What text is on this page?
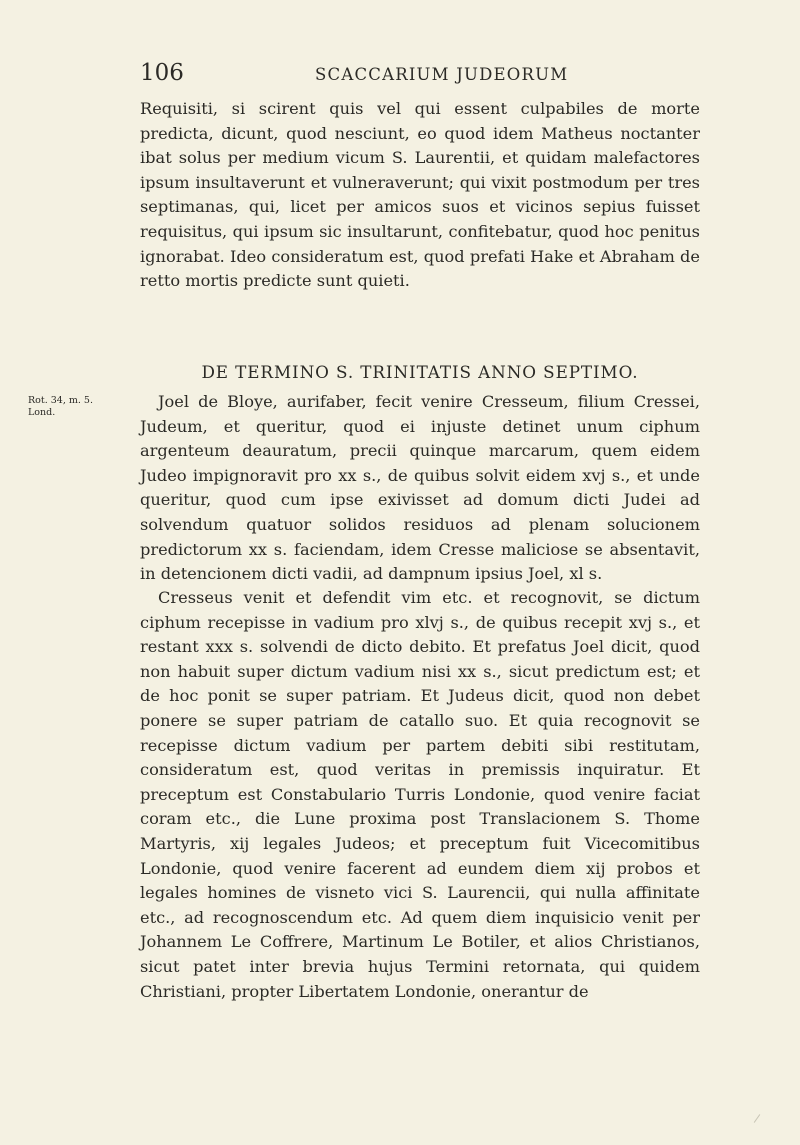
106	SCACCARIUM JUDEORUM
Requisiti, si scirent quis vel qui essent culpabiles de morte predicta, dicunt, quod nesciunt, eo quod idem Matheus noctanter ibat solus per medium vicum S. Laurentii, et quidam malefactores ipsum insultaverunt et vulneraverunt; qui vixit postmodum per tres septimanas, qui, licet per amicos suos et vicinos sepius fuisset requisitus, qui ipsum sic insultarunt, confitebatur, quod hoc penitus ignorabat. Ideo consideratum est, quod prefati Hake et Abraham de retto mortis predicte sunt quieti.
DE TERMINO S. TRINITATIS ANNO SEPTIMO.
Rot. 34, m. 5.
Lond.
Joel de Bloye, aurifaber, fecit venire Cresseum, filium Cressei, Judeum, et queritur, quod ei injuste detinet unum ciphum argenteum deauratum, precii quinque marcarum, quem eidem Judeo impignoravit pro xx s., de quibus solvit eidem xvj s., et unde queritur, quod cum ipse exivisset ad domum dicti Judei ad solvendum quatuor solidos residuos ad plenam solucionem predictorum xx s. faciendam, idem Cresse maliciose se absentavit, in detencionem dicti vadii, ad dampnum ipsius Joel, xl s.
Cresseus venit et defendit vim etc. et recognovit, se dictum ciphum recepisse in vadium pro xlvj s., de quibus recepit xvj s., et restant xxx s. solvendi de dicto debito. Et prefatus Joel dicit, quod non habuit super dictum vadium nisi xx s., sicut predictum est; et de hoc ponit se super patriam. Et Judeus dicit, quod non debet ponere se super patriam de catallo suo. Et quia recognovit se recepisse dictum vadium per partem debiti sibi restitutam, consideratum est, quod veritas in premissis inquiratur. Et preceptum est Constabulario Turris Londonie, quod venire faciat coram etc., die Lune proxima post Translacionem S. Thome Martyris, xij legales Judeos; et preceptum fuit Vicecomitibus Londonie, quod venire facerent ad eundem diem xij probos et legales homines de visneto vici S. Laurencii, qui nulla affinitate etc., ad recognoscendum etc. Ad quem diem inquisicio venit per Johannem Le Coffrere, Martinum Le Botiler, et alios Christianos, sicut patet inter brevia hujus Termini retornata, qui quidem Christiani, propter Libertatem Londonie, onerantur de
